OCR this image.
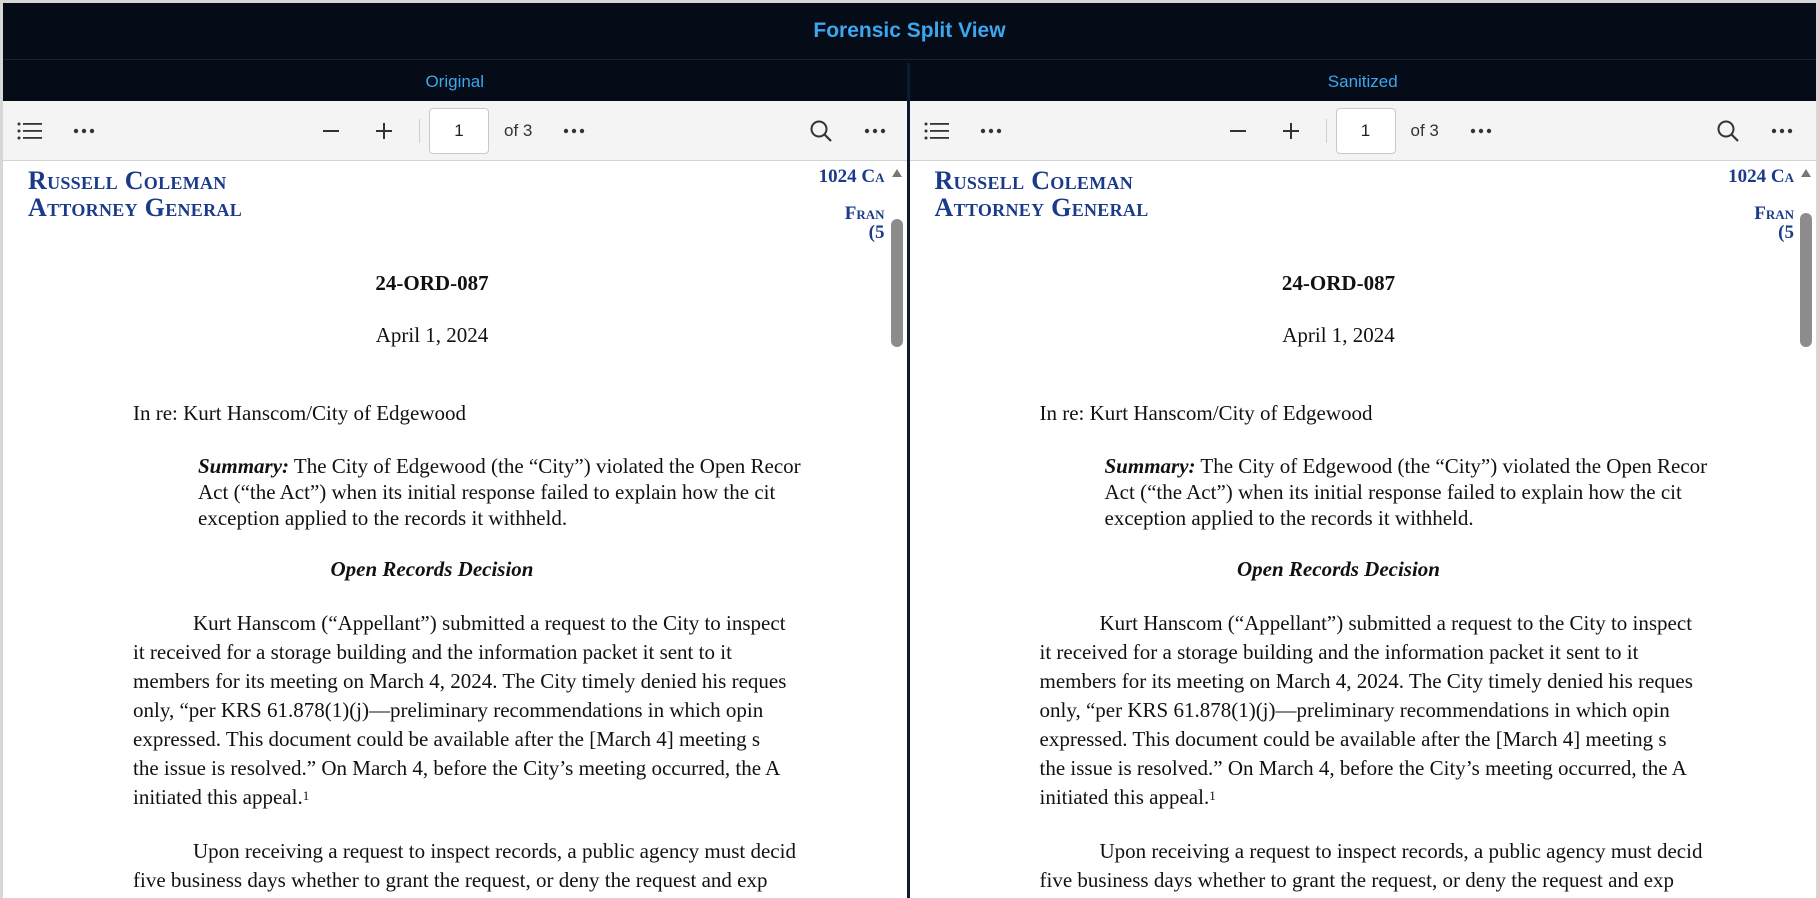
Forensic Split View
Original
1
of 3
Russell Coleman
Attorney General
1024 Ca
Fran
(5
24-ORD-087
April 1, 2024
In re: Kurt Hanscom/City of Edgewood
Summary: The City of Edgewood (the “City”) violated the Open Recor
Act (“the Act”) when its initial response failed to explain how the cit
exception applied to the records it withheld.
Open Records Decision
Kurt Hanscom (“Appellant”) submitted a request to the City to inspect
it received for a storage building and the information packet it sent to it
members for its meeting on March 4, 2024. The City timely denied his reques
only, “per KRS 61.878(1)(j)—preliminary recommendations in which opin
expressed. This document could be available after the [March 4] meeting s
the issue is resolved.” On March 4, before the City’s meeting occurred, the A
initiated this appeal.$^1$
Upon receiving a request to inspect records, a public agency must decid
five business days whether to grant the request, or deny the request and exp
Sanitized
1
of 3
Russell Coleman
Attorney General
1024 Ca
Fran
(5
24-ORD-087
April 1, 2024
In re: Kurt Hanscom/City of Edgewood
Summary: The City of Edgewood (the “City”) violated the Open Recor
Act (“the Act”) when its initial response failed to explain how the cit
exception applied to the records it withheld.
Open Records Decision
Kurt Hanscom (“Appellant”) submitted a request to the City to inspect
it received for a storage building and the information packet it sent to it
members for its meeting on March 4, 2024. The City timely denied his reques
only, “per KRS 61.878(1)(j)—preliminary recommendations in which opin
expressed. This document could be available after the [March 4] meeting s
the issue is resolved.” On March 4, before the City’s meeting occurred, the A
initiated this appeal.$^1$
Upon receiving a request to inspect records, a public agency must decid
five business days whether to grant the request, or deny the request and exp
